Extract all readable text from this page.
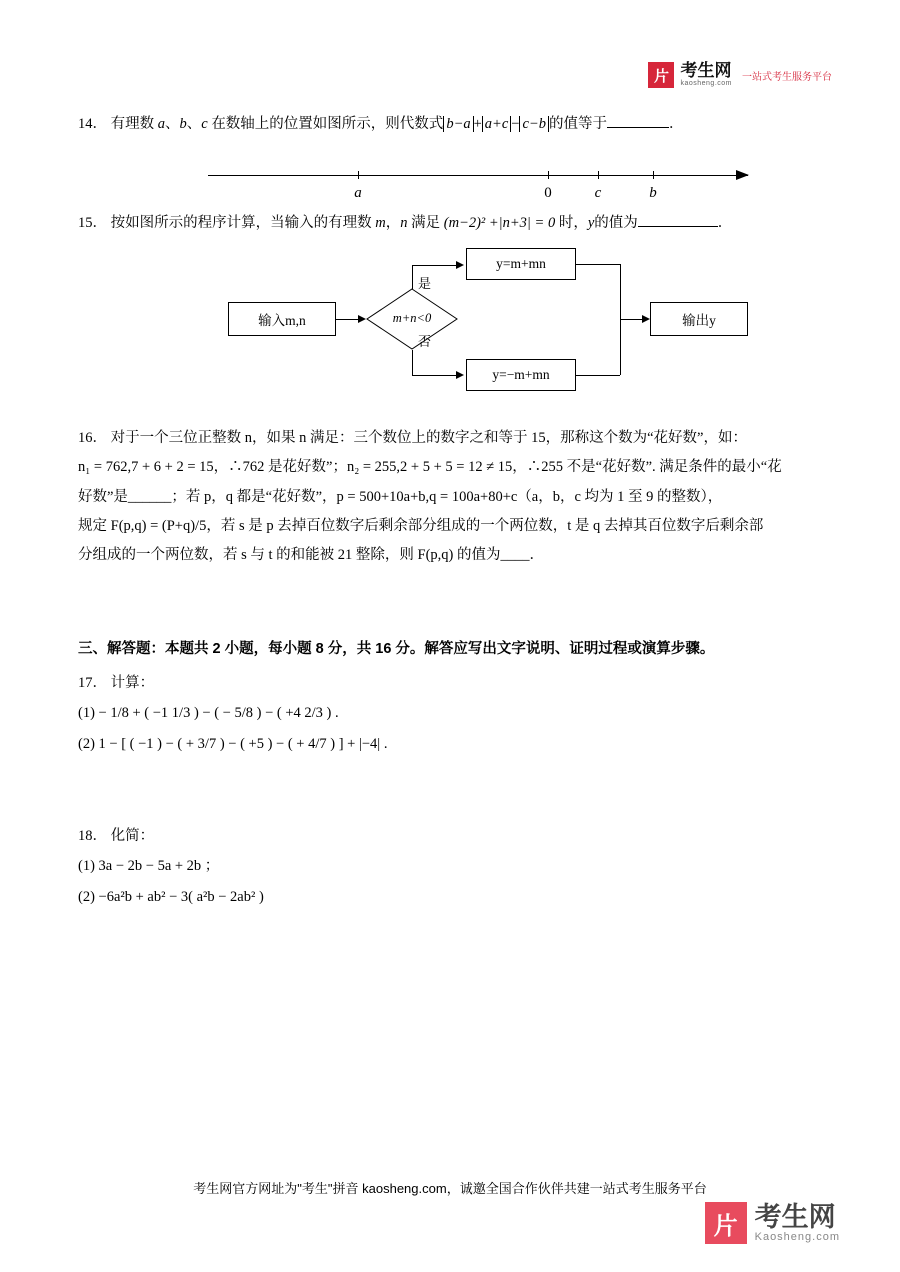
片 考生网
kaosheng.com
一站式考生服务平台
14． 有理数 a、b、c 在数轴上的位置如图所示，则代数式 b−a + a+c − c−b 的值等于	．
a	0	c	b
15． 按如图所示的程序计算，当输入的有理数 m，n 满足 (m−2)² +|n+3| = 0 时，y的值为	．
输入m,n	m+n<0
是
否
y=m+mn
y=−m+mn
输出y
16． 对于一个三位正整数 n，如果 n 满足：三个数位上的数字之和等于 15，那称这个数为“花好数”，如：
n₁ = 762,7 + 6 + 2 = 15，∴762 是花好数”；n₂ = 255,2 + 5 + 5 = 12 ≠ 15，∴255 不是“花好数”. 满足条件的最小“花
好数”是______；若 p，q 都是“花好数”，p = 500+10a+b,q = 100a+80+c（a，b，c 均为 1 至 9 的整数），
规定 F(p,q) = (P+q)/5，若 s 是 p 去掉百位数字后剩余部分组成的一个两位数，t 是 q 去掉其百位数字后剩余部
分组成的一个两位数，若 s 与 t 的和能被 21 整除，则 F(p,q) 的值为____．
三、解答题：本题共 2 小题，每小题 8 分，共 16 分。解答应写出文字说明、证明过程或演算步骤。
17． 计算：
(1) − 1/8 + ( −1 1/3 ) − ( − 5/8 ) − ( +4 2/3 ) .
(2) 1 − [ ( −1 ) − ( + 3/7 ) − ( +5 ) − ( + 4/7 ) ] + |−4| .
18． 化简：
(1) 3a − 2b − 5a + 2b ；
(2) −6a²b + ab² − 3( a²b − 2ab² )
考生网官方网址为"考生"拼音 kaosheng.com，诚邀全国合作伙伴共建一站式考生服务平台
片 考生网
Kaosheng.com
